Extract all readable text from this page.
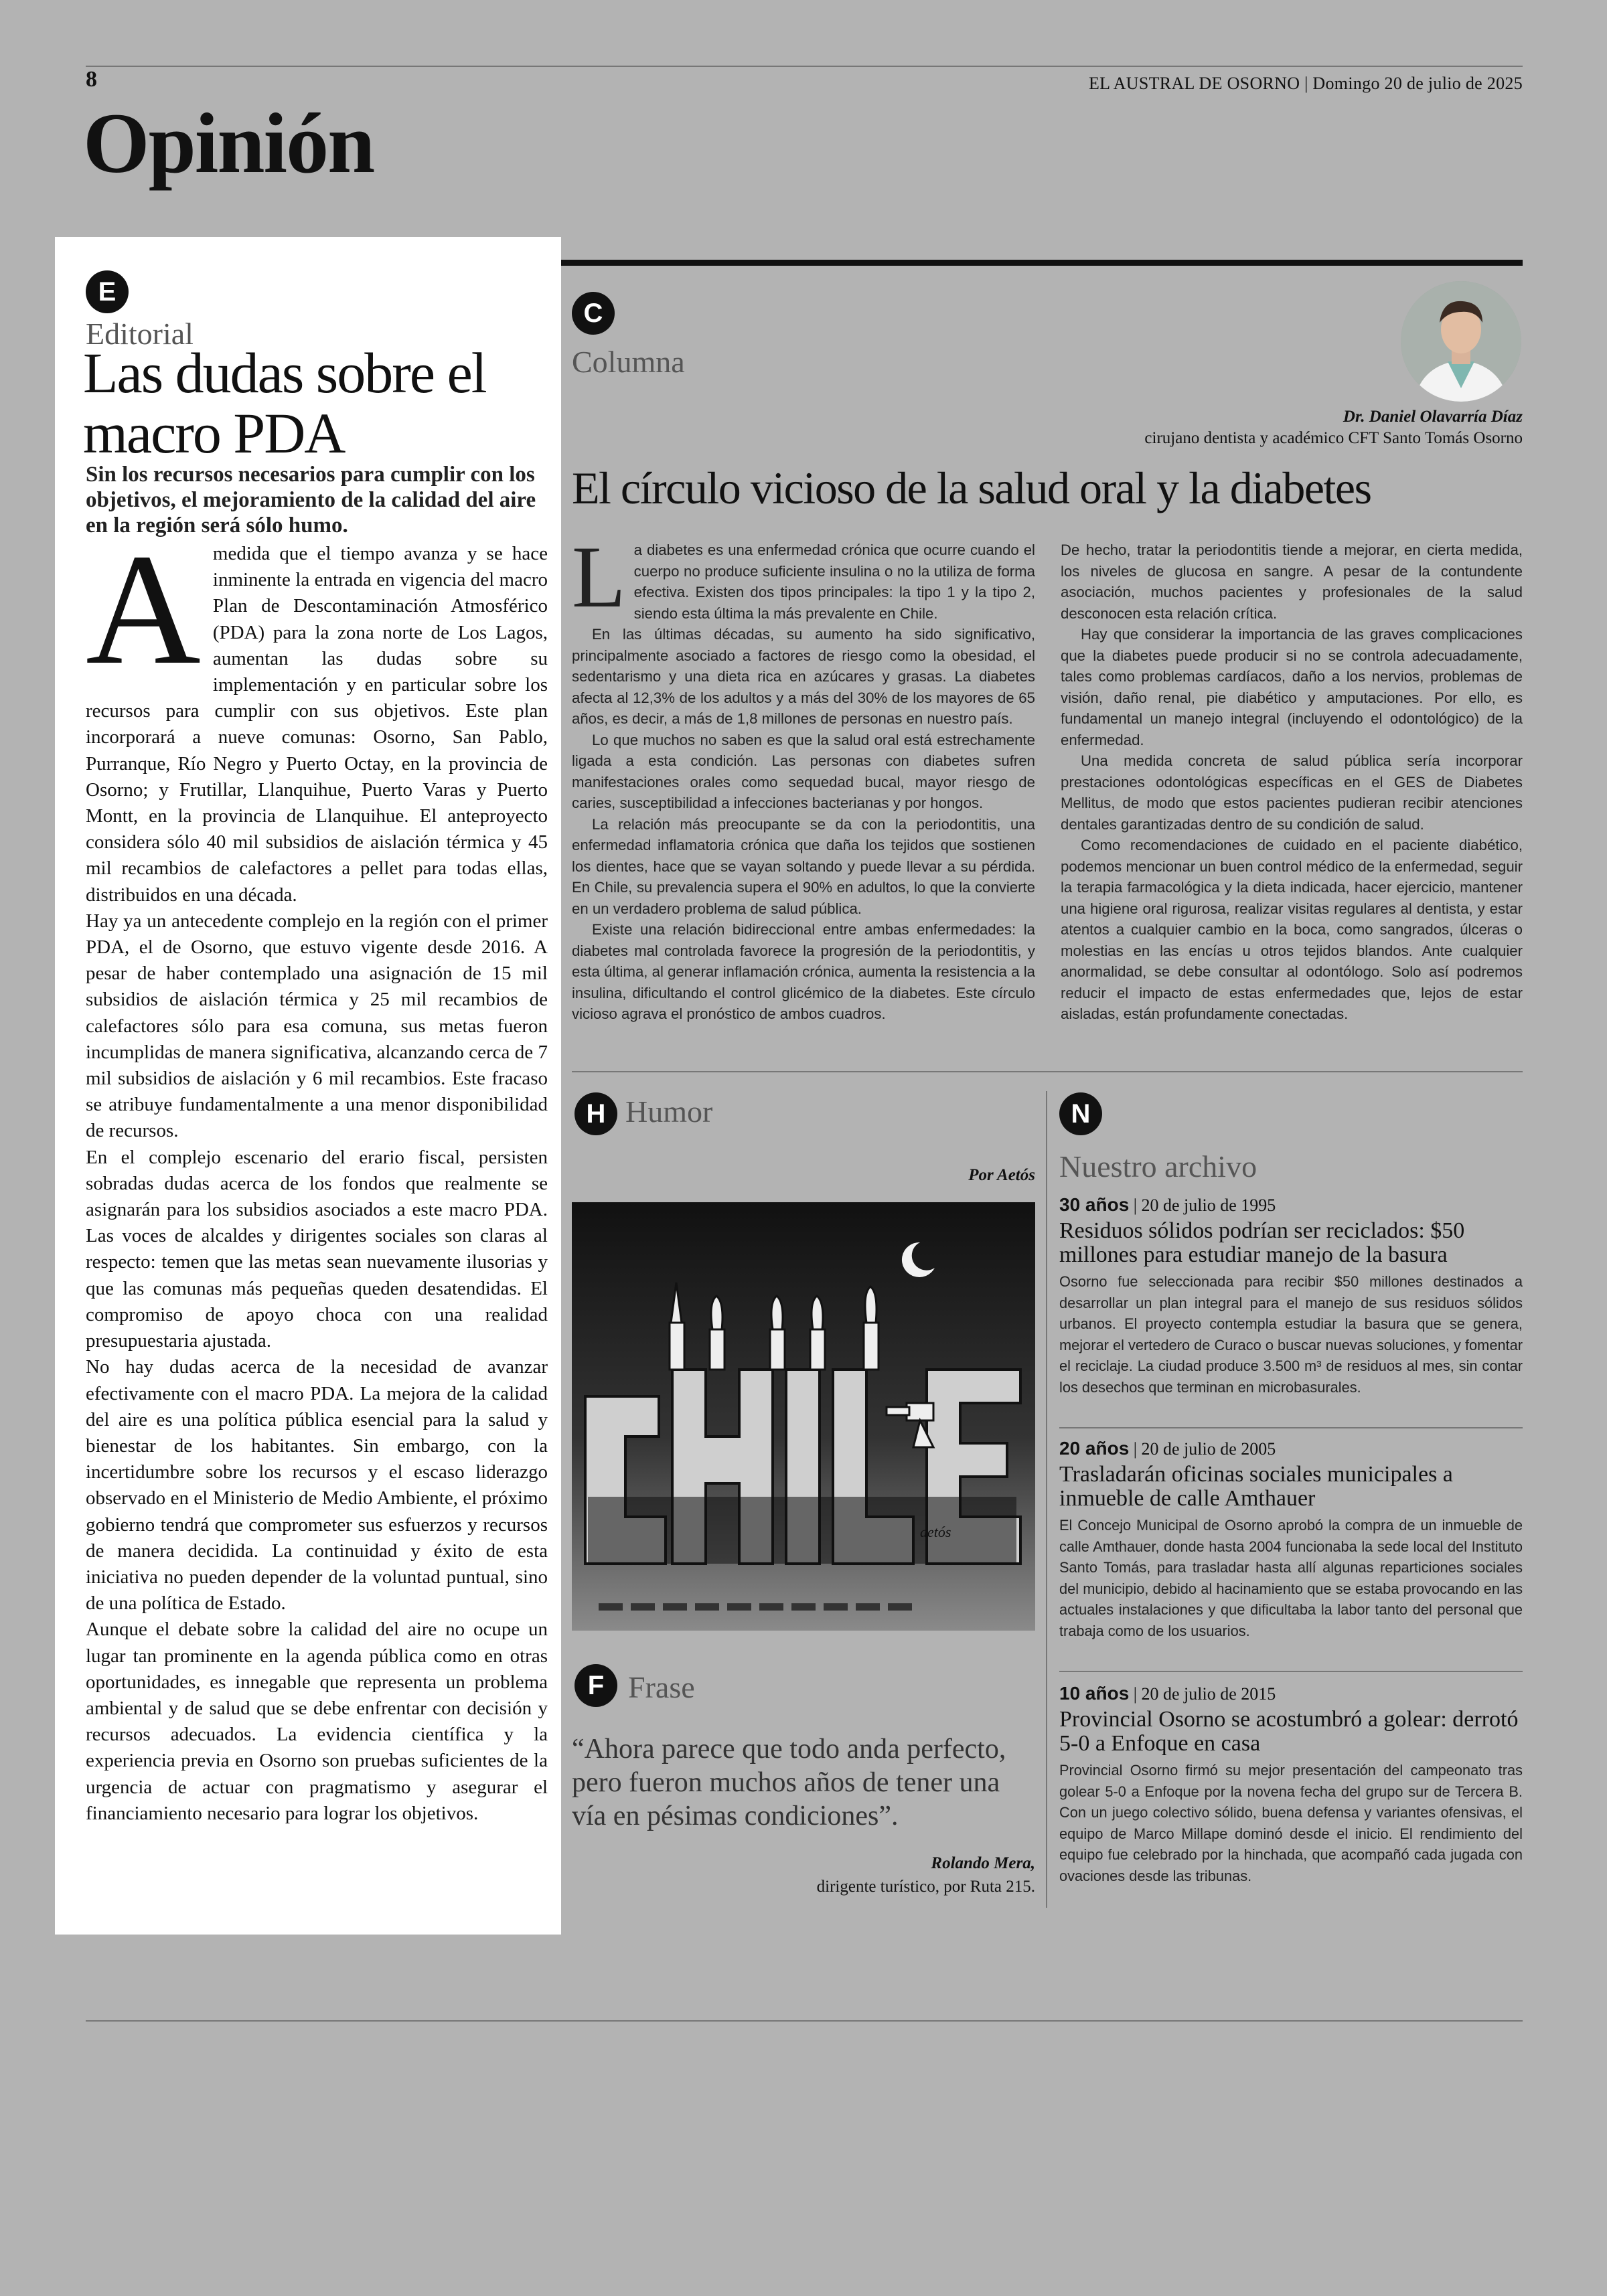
8	EL AUSTRAL DE OSORNO | Domingo 20 de julio de 2025
Opinión
E
Editorial
Las dudas sobre el macro PDA
Sin los recursos necesarios para cumplir con los objetivos, el mejoramiento de la calidad del aire en la región será sólo humo.

Amedida que el tiempo avanza y se hace inminente la entrada en vigencia del macro Plan de Descontaminación Atmosférico (PDA) para la zona norte de Los Lagos, aumentan las dudas sobre su implementación y en particular sobre los recursos para cumplir con sus objetivos. Este plan incorporará a nueve comunas: Osorno, San Pablo, Purranque, Río Negro y Puerto Octay, en la provincia de Osorno; y Frutillar, Llanquihue, Puerto Varas y Puerto Montt, en la provincia de Llanquihue. El anteproyecto considera sólo 40 mil subsidios de aislación térmica y 45 mil recambios de calefactores a pellet para todas ellas, distribuidos en una década.

Hay ya un antecedente complejo en la región con el primer PDA, el de Osorno, que estuvo vigente desde 2016. A pesar de haber contemplado una asignación de 15 mil subsidios de aislación térmica y 25 mil recambios de calefactores sólo para esa comuna, sus metas fueron incumplidas de manera significativa, alcanzando cerca de 7 mil subsidios de aislación y 6 mil recambios. Este fracaso se atribuye fundamentalmente a una menor disponibilidad de recursos.

En el complejo escenario del erario fiscal, persisten sobradas dudas acerca de los fondos que realmente se asignarán para los subsidios asociados a este macro PDA. Las voces de alcaldes y dirigentes sociales son claras al respecto: temen que las metas sean nuevamente ilusorias y que las comunas más pequeñas queden desatendidas. El compromiso de apoyo choca con una realidad presupuestaria ajustada.

No hay dudas acerca de la necesidad de avanzar efectivamente con el macro PDA. La mejora de la calidad del aire es una política pública esencial para la salud y bienestar de los habitantes. Sin embargo, con la incertidumbre sobre los recursos y el escaso liderazgo observado en el Ministerio de Medio Ambiente, el próximo gobierno tendrá que comprometer sus esfuerzos y recursos de manera decidida. La continuidad y éxito de esta iniciativa no pueden depender de la voluntad puntual, sino de una política de Estado.

Aunque el debate sobre la calidad del aire no ocupe un lugar tan prominente en la agenda pública como en otras oportunidades, es innegable que representa un problema ambiental y de salud que se debe enfrentar con decisión y recursos adecuados. La evidencia científica y la experiencia previa en Osorno son pruebas suficientes de la urgencia de actuar con pragmatismo y asegurar el financiamiento necesario para lograr los objetivos.

C
Columna
Dr. Daniel Olavarría Díaz
cirujano dentista y académico CFT Santo Tomás Osorno
El círculo vicioso de la salud oral y la diabetes

La diabetes es una enfermedad crónica que ocurre cuando el cuerpo no produce suficiente insulina o no la utiliza de forma efectiva. Existen dos tipos principales: la tipo 1 y la tipo 2, siendo esta última la más prevalente en Chile.

En las últimas décadas, su aumento ha sido significativo, principalmente asociado a factores de riesgo como la obesidad, el sedentarismo y una dieta rica en azúcares y grasas. La diabetes afecta al 12,3% de los adultos y a más del 30% de los mayores de 65 años, es decir, a más de 1,8 millones de personas en nuestro país.

Lo que muchos no saben es que la salud oral está estrechamente ligada a esta condición. Las personas con diabetes sufren manifestaciones orales como sequedad bucal, mayor riesgo de caries, susceptibilidad a infecciones bacterianas y por hongos.

La relación más preocupante se da con la periodontitis, una enfermedad inflamatoria crónica que daña los tejidos que sostienen los dientes, hace que se vayan soltando y puede llevar a su pérdida. En Chile, su prevalencia supera el 90% en adultos, lo que la convierte en un verdadero problema de salud pública.

Existe una relación bidireccional entre ambas enfermedades: la diabetes mal controlada favorece la progresión de la periodontitis, y esta última, al generar inflamación crónica, aumenta la resistencia a la insulina, dificultando el control glicémico de la diabetes. Este círculo vicioso agrava el pronóstico de ambos cuadros.

De hecho, tratar la periodontitis tiende a mejorar, en cierta medida, los niveles de glucosa en sangre. A pesar de la contundente asociación, muchos pacientes y profesionales de la salud desconocen esta relación crítica.

Hay que considerar la importancia de las graves complicaciones que la diabetes puede producir si no se controla adecuadamente, tales como problemas cardíacos, daño a los nervios, problemas de visión, daño renal, pie diabético y amputaciones. Por ello, es fundamental un manejo integral (incluyendo el odontológico) de la enfermedad.

Una medida concreta de salud pública sería incorporar prestaciones odontológicas específicas en el GES de Diabetes Mellitus, de modo que estos pacientes pudieran recibir atenciones dentales garantizadas dentro de su condición de salud.

Como recomendaciones de cuidado en el paciente diabético, podemos mencionar un buen control médico de la enfermedad, seguir la terapia farmacológica y la dieta indicada, hacer ejercicio, mantener una higiene oral rigurosa, realizar visitas regulares al dentista, y estar atentos a cualquier cambio en la boca, como sangrados, úlceras o molestias en las encías u otros tejidos blandos. Ante cualquier anormalidad, se debe consultar al odontólogo. Solo así podremos reducir el impacto de estas enfermedades que, lejos de estar aisladas, están profundamente conectadas.

H Humor
Por Aetós
▬▬▬▬▬▬▬▬▬▬
aetós
F Frase
“Ahora parece que todo anda perfecto, pero fueron muchos años de tener una vía en pésimas condiciones”.
Rolando Mera,
dirigente turístico, por Ruta 215.
N
Nuestro archivo
30 años | 20 de julio de 1995
Residuos sólidos podrían ser reciclados: $50 millones para estudiar manejo de la basura
Osorno fue seleccionada para recibir $50 millones destinados a desarrollar un plan integral para el manejo de sus residuos sólidos urbanos. El proyecto contempla estudiar la basura que se genera, mejorar el vertedero de Curaco o buscar nuevas soluciones, y fomentar el reciclaje. La ciudad produce 3.500 m³ de residuos al mes, sin contar los desechos que terminan en microbasurales.
20 años | 20 de julio de 2005
Trasladarán oficinas sociales municipales a inmueble de calle Amthauer
El Concejo Municipal de Osorno aprobó la compra de un inmueble de calle Amthauer, donde hasta 2004 funcionaba la sede local del Instituto Santo Tomás, para trasladar hasta allí algunas reparticiones sociales del municipio, debido al hacinamiento que se estaba provocando en las actuales instalaciones y que dificultaba la labor tanto del personal que trabaja como de los usuarios.
10 años | 20 de julio de 2015
Provincial Osorno se acostumbró a golear: derrotó 5-0 a Enfoque en casa
Provincial Osorno firmó su mejor presentación del campeonato tras golear 5-0 a Enfoque por la novena fecha del grupo sur de Tercera B. Con un juego colectivo sólido, buena defensa y variantes ofensivas, el equipo de Marco Millape dominó desde el inicio. El rendimiento del equipo fue celebrado por la hinchada, que acompañó cada jugada con ovaciones desde las tribunas.
